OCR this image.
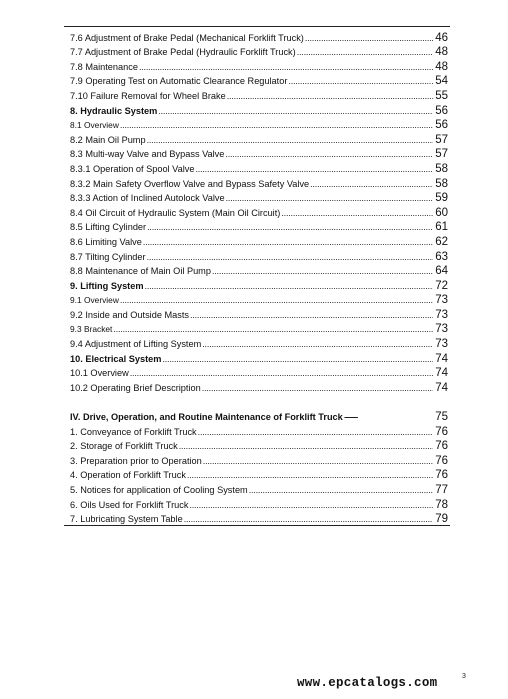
7.6 Adjustment of Brake Pedal (Mechanical Forklift Truck) . . .	46
7.7 Adjustment of Brake Pedal (Hydraulic Forklift Truck) . . .	48
7.8 Maintenance . . .	48
7.9 Operating Test on Automatic Clearance Regulator . . .	54
7.10 Failure Removal for Wheel Brake . . .	55
8. Hydraulic System . . .	56
8.1 Overview . . .	56
8.2 Main Oil Pump . . .	57
8.3 Multi-way Valve and Bypass Valve . . .	57
8.3.1 Operation of Spool Valve . . .	58
8.3.2 Main Safety Overflow Valve and Bypass Safety Valve . . .	58
8.3.3 Action of Inclined Autolock Valve . . .	59
8.4 Oil Circuit of Hydraulic System (Main Oil Circuit) . . .	60
8.5 Lifting Cylinder . . .	61
8.6 Limiting Valve . . .	62
8.7 Tilting Cylinder . . .	63
8.8 Maintenance of Main Oil Pump . . .	64
9. Lifting System . . .	72
9.1 Overview . . .	73
9.2 Inside and Outside Masts . . .	73
9.3 Bracket . . .	73
9.4 Adjustment of Lifting System . . .	73
10. Electrical System . . .	74
10.1 Overview . . .	74
10.2 Operating Brief Description . . .	74
IV. Drive, Operation, and Routine Maintenance of Forklift Truck . . .	75
1. Conveyance of Forklift Truck . . .	76
2. Storage of Forklift Truck . . .	76
3. Preparation prior to Operation . . .	76
4. Operation of Forklift Truck . . .	76
5. Notices for application of Cooling System . . .	77
6. Oils Used for Forklift Truck . . .	78
7. Lubricating System Table . . .	79
www.epcatalogs.com	3
